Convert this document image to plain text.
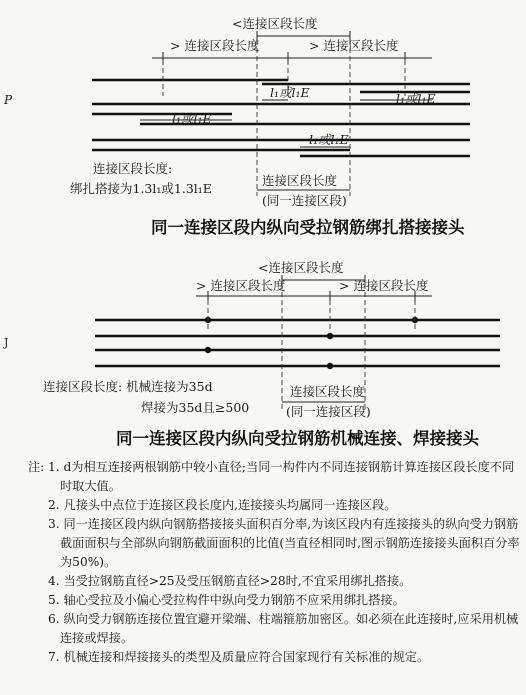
<连接区段长度
> 连接区段长度	> 连接区段长度
l₁或l₁E	l₁或l₁E
l₁或l₁E
l₁或l₁E
连接区段长度:
绑扎搭接为1.3l₁或1.3l₁E
连接区段长度
(同一连接区段)
同一连接区段内纵向受拉钢筋绑扎搭接接头
<连接区段长度
> 连接区段长度	> 连接区段长度
连接区段长度: 机械连接为35d
焊接为35d且≥500
连接区段长度
(同一连接区段)
同一连接区段内纵向受拉钢筋机械连接、焊接接头
P
J
注: 1. d为相互连接两根钢筋中较小直径;当同一构件内不同连接钢筋计算连接区段长度不同时取大值。
2. 凡接头中点位于连接区段长度内,连接接头均属同一连接区段。
3. 同一连接区段内纵向钢筋搭接接头面积百分率,为该区段内有连接接头的纵向受力钢筋截面面积与全部纵向钢筋截面面积的比值(当直径相同时,图示钢筋连接接头面积百分率为50%)。
4. 当受拉钢筋直径>25及受压钢筋直径>28时,不宜采用绑扎搭接。
5. 轴心受拉及小偏心受拉构件中纵向受力钢筋不应采用绑扎搭接。
6. 纵向受力钢筋连接位置宜避开梁端、柱端箍筋加密区。如必须在此连接时,应采用机械连接或焊接。
7. 机械连接和焊接接头的类型及质量应符合国家现行有关标准的规定。
